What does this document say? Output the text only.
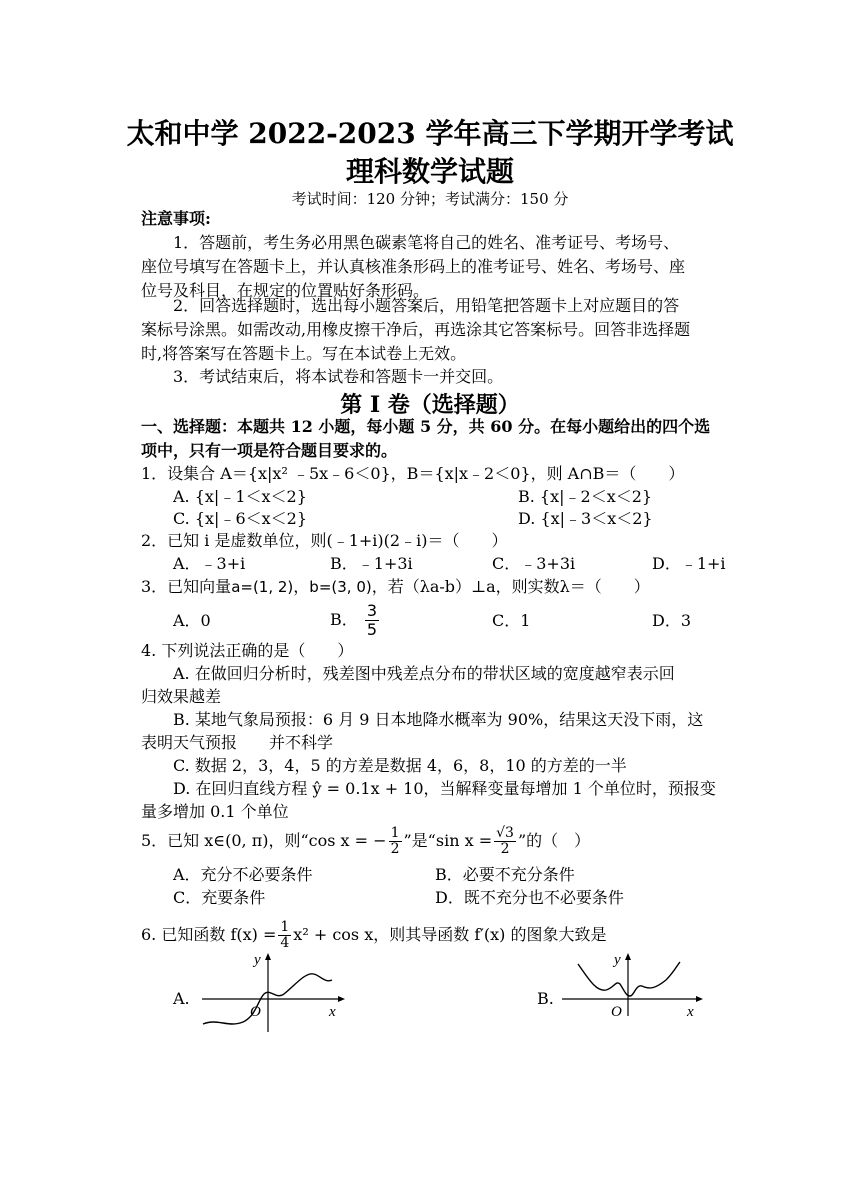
太和中学 2022-2023 学年高三下学期开学考试
理科数学试题
考试时间：120 分钟；考试满分：150 分
注意事项:
1．答题前，考生务必用黑色碳素笔将自己的姓名、准考证号、考场号、
座位号填写在答题卡上，并认真核准条形码上的准考证号、姓名、考场号、座
位号及科目，在规定的位置贴好条形码。
2．回答选择题时，选出每小题答案后，用铅笔把答题卡上对应题目的答
案标号涂黑。如需改动,用橡皮擦干净后，再选涂其它答案标号。回答非选择题
时,将答案写在答题卡上。写在本试卷上无效。
3．考试结束后，将本试卷和答题卡一并交回。
第 I 卷（选择题）
一、选择题：本题共 12 小题，每小题 5 分，共 60 分。在每小题给出的四个选
项中，只有一项是符合题目要求的。
1．设集合 A＝{x|x² ﹣5x﹣6＜0}，B＝{x|x﹣2＜0}，则 A∩B＝（　　）
A. {x|﹣1＜x＜2}	B. {x|﹣2＜x＜2}
C. {x|﹣6＜x＜2}	D. {x|﹣3＜x＜2}
2．已知 i 是虚数单位，则(﹣1+i)(2﹣i)＝（　　）
A．﹣3+i	B．﹣1+3i	C．﹣3+3i	D．﹣1+i
3．已知向量a=(1, 2)，b=(3, 0)，若（λa-b）⊥a，则实数λ＝（　　）
A．0	B． $\frac{3}{5}$	C．1	D．3
4. 下列说法正确的是（　　）
A. 在做回归分析时，残差图中残差点分布的带状区域的宽度越窄表示回
归效果越差
B. 某地气象局预报：6 月 9 日本地降水概率为 90%，结果这天没下雨，这
表明天气预报　　并不科学
C. 数据 2，3，4，5 的方差是数据 4，6，8，10 的方差的一半
D. 在回归直线方程 ŷ = 0.1x + 10，当解释变量每增加 1 个单位时，预报变
量多增加 0.1 个单位
5．已知 x∈(0, π)，则“cos x = − $\frac{1}{2}$ ”是“sin $x = \frac{√3}{2}$ ”的（　）
A．充分不必要条件	B．必要不充分条件
C．充要条件	D．既不充分也不必要条件
6. 已知函数 $f(x) = \frac{1}{4} x^2 + \cos x$，则其导函数 f′(x) 的图象大致是
A.
y
x
O
B.
y
x
O
